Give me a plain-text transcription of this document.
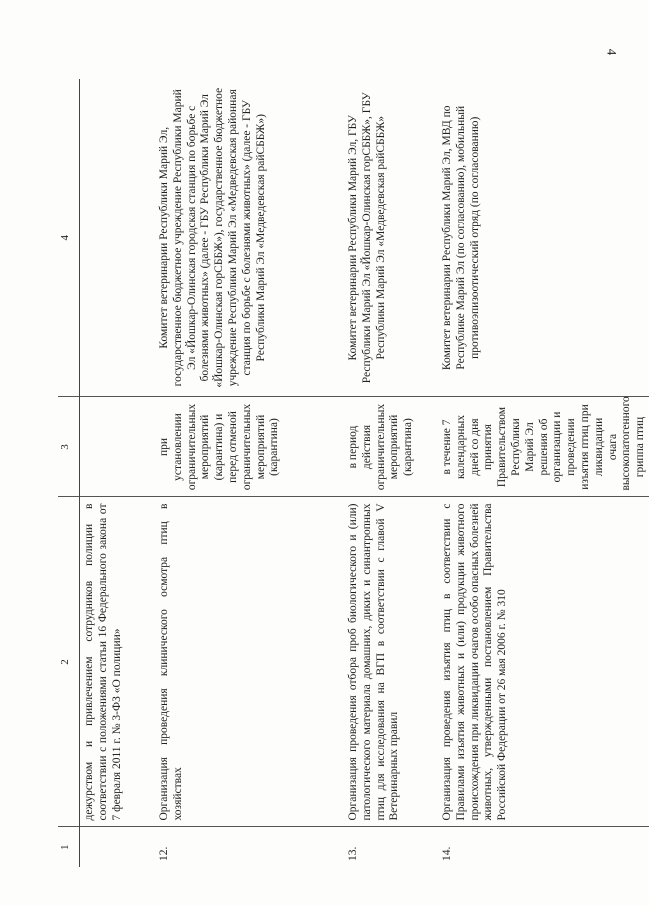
4
1	2	3	4
	дежурством и привлечением сотрудников полиции в соответствии с положениями статьи 16 Федерального закона от 7 февраля 2011 г. № 3-ФЗ «О полиции»		
12.	Организация проведения клинического осмотра птиц в хозяйствах	при установлении ограничительных мероприятий (карантина) и перед отменой ограничительных мероприятий (карантина)	Комитет ветеринарии Республики Марий Эл, государственное бюджетное учреждение Республики Марий Эл «Йошкар-Олинская городская станция по борьбе с болезнями животных» (далее - ГБУ Республики Марий Эл «Йошкар-Олинская горСББЖ»), государственное бюджетное учреждение Республики Марий Эл «Медведевская районная станция по борьбе с болезнями животных» (далее - ГБУ Республики Марий Эл «Медведевская райСББЖ»)
13.	Организация проведения отбора проб биологического и (или) патологического материала домашних, диких и синантропных птиц для исследования на ВГП в соответствии с главой V Ветеринарных правил	в период действия ограничительных мероприятий (карантина)	Комитет ветеринарии Республики Марий Эл, ГБУ Республики Марий Эл «Йошкар-Олинская горСББЖ», ГБУ Республики Марий Эл «Медведевская райСББЖ»
14.	Организация проведения изъятия птиц в соответствии с Правилами изъятия животных и (или) продукции животного происхождения при ликвидации очагов особо опасных болезней животных, утвержденными постановлением Правительства Российской Федерации от 26 мая 2006 г. № 310	в течение 7 календарных дней со дня принятия Правительством Республики Марий Эл решения об организации и проведении изъятия птиц при ликвидации очага высокопатогенного гриппа птиц	Комитет ветеринарии Республики Марий Эл, МВД по Республике Марий Эл (по согласованию), мобильный противоэпизоотический отряд (по согласованию)
